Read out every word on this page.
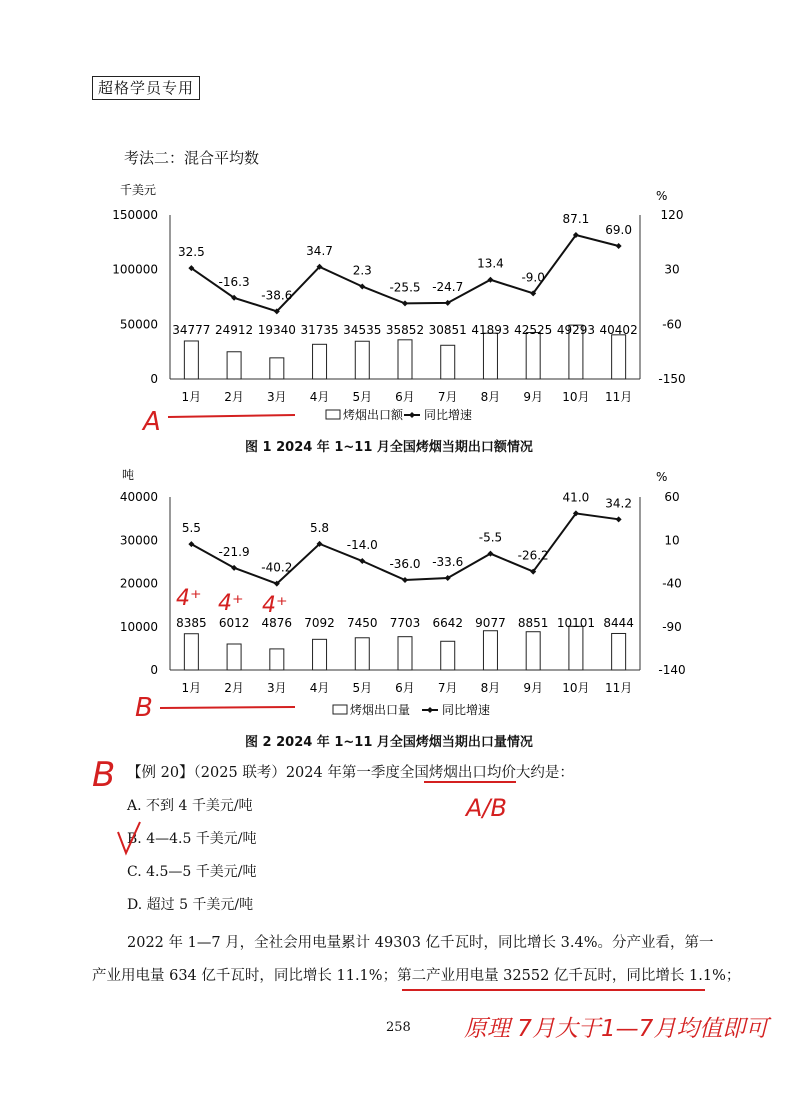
超格学员专用
考法二：混合平均数
千美元	%
150000
100000
50000
0
120
30
-60
-150
34777 24912 19340 31735 34535 35852 30851 41893 42525 49293 40402
32.5
-16.3
-38.6
34.7
2.3
-25.5 -24.7
13.4
-9.0
87.1
69.0
1月 2月 3月 4月 5月 6月 7月 8月 9月 10月 11月
烤烟出口额 同比增速
图 1 2024 年 1~11 月全国烤烟当期出口额情况
吨	%
40000
30000
20000
10000
0
60
10
-40
-90
-140
8385 6012 4876 7092 7450 7703 6642 9077 8851 10101 8444
5.5
-21.9
-40.2
5.8
-14.0
-36.0 -33.6
-5.5
-26.2
41.0 34.2
1月 2月 3月 4月 5月 6月 7月 8月 9月 10月 11月
烤烟出口量	同比增速
图 2 2024 年 1~11 月全国烤烟当期出口量情况
【例 20】（2025 联考）2024 年第一季度全国烤烟出口均价大约是：
A. 不到 4 千美元/吨
B. 4—4.5 千美元/吨
C. 4.5—5 千美元/吨
D. 超过 5 千美元/吨
2022 年 1—7 月，全社会用电量累计 49303 亿千瓦时，同比增长 3.4%。分产业看，第一
产业用电量 634 亿千瓦时，同比增长 11.1%；第二产业用电量 32552 亿千瓦时，同比增长 1.1%；
258
A
B
B
A/B
4⁺ 4⁺ 4⁺
原理 7月大于1—7月均值即可
